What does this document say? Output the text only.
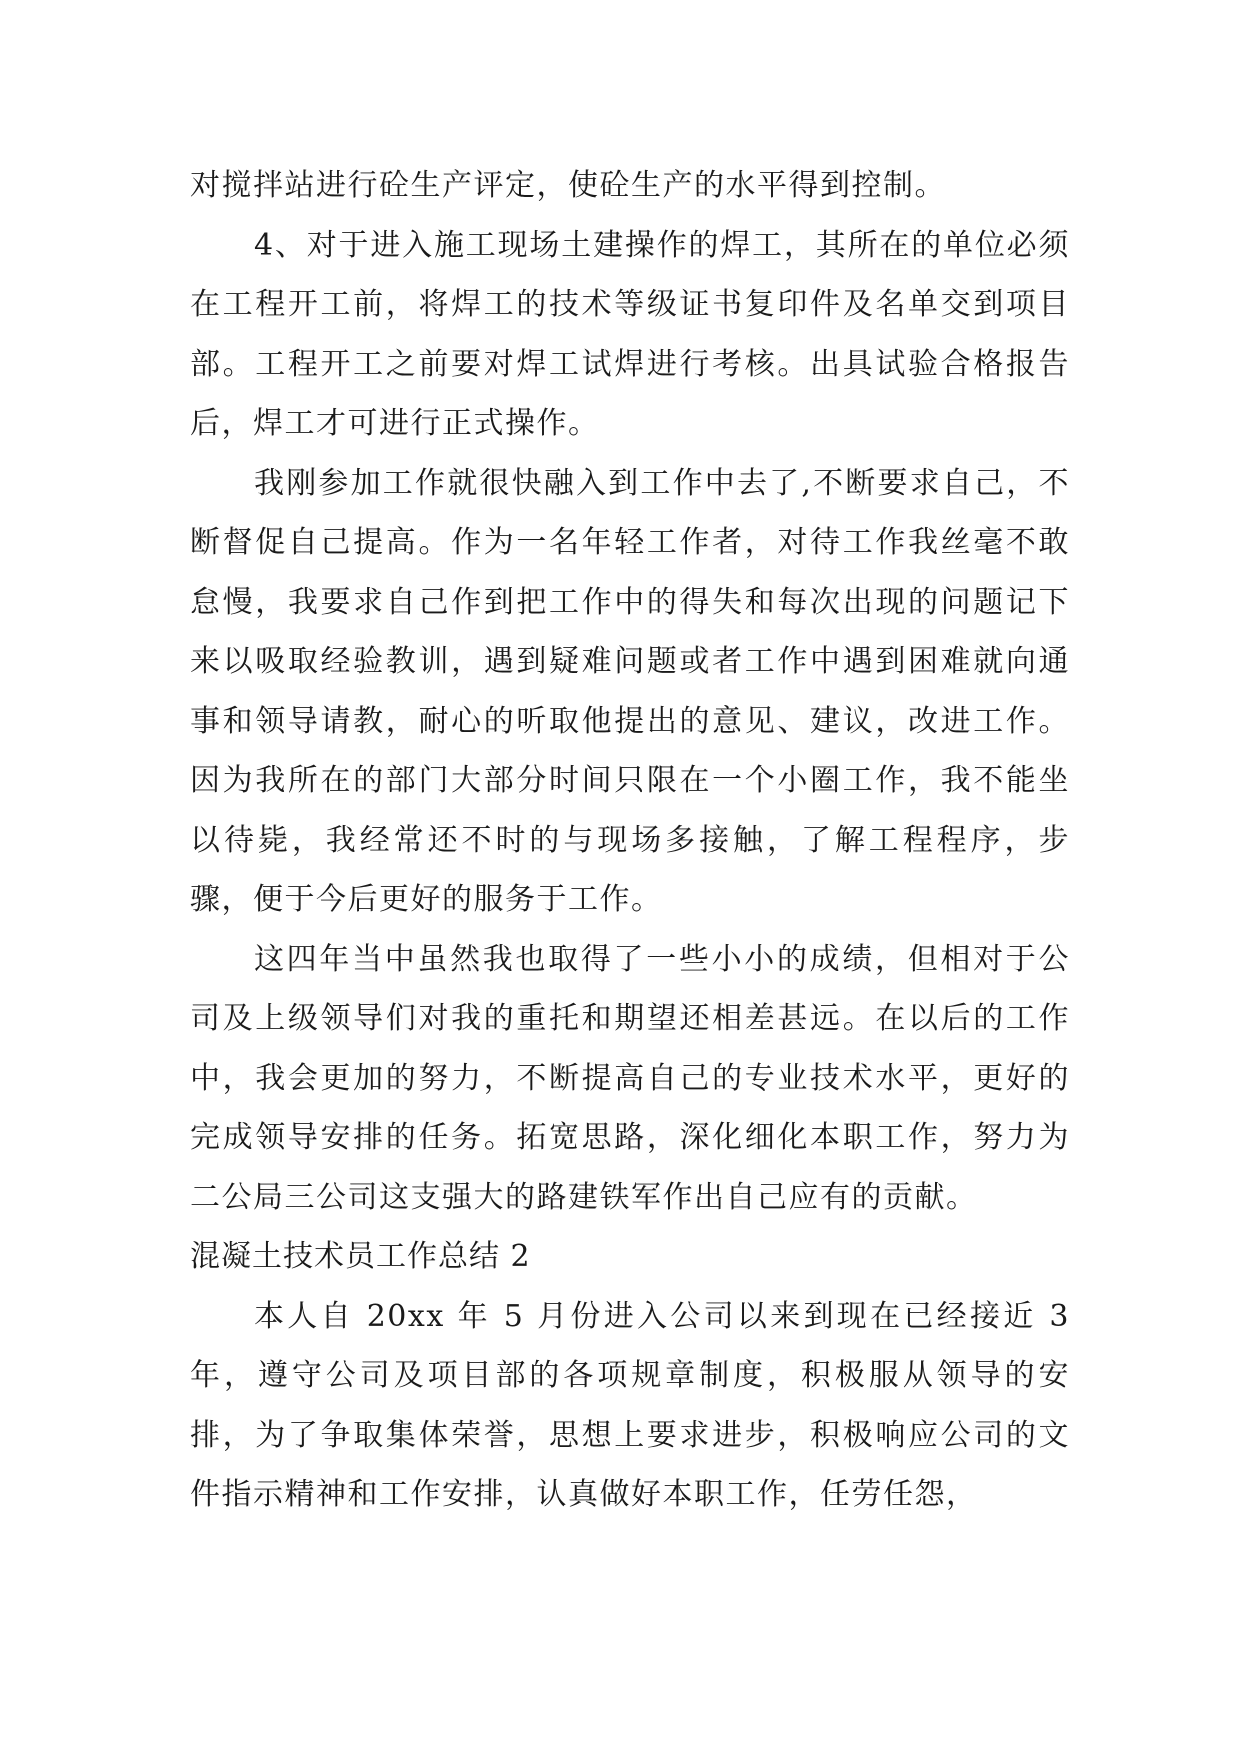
对搅拌站进行砼生产评定，使砼生产的水平得到控制。

4、对于进入施工现场土建操作的焊工，其所在的单位必须在工程开工前，将焊工的技术等级证书复印件及名单交到项目部。工程开工之前要对焊工试焊进行考核。出具试验合格报告后，焊工才可进行正式操作。

我刚参加工作就很快融入到工作中去了,不断要求自己，不断督促自己提高。作为一名年轻工作者，对待工作我丝毫不敢怠慢，我要求自己作到把工作中的得失和每次出现的问题记下来以吸取经验教训，遇到疑难问题或者工作中遇到困难就向通事和领导请教，耐心的听取他提出的意见、建议，改进工作。因为我所在的部门大部分时间只限在一个小圈工作，我不能坐以待毙，我经常还不时的与现场多接触，了解工程程序，步骤，便于今后更好的服务于工作。

这四年当中虽然我也取得了一些小小的成绩，但相对于公司及上级领导们对我的重托和期望还相差甚远。在以后的工作中，我会更加的努力，不断提高自己的专业技术水平，更好的完成领导安排的任务。拓宽思路，深化细化本职工作，努力为二公局三公司这支强大的路建铁军作出自己应有的贡献。

混凝土技术员工作总结 2

本人自 20xx 年 5 月份进入公司以来到现在已经接近 3 年，遵守公司及项目部的各项规章制度，积极服从领导的安排，为了争取集体荣誉，思想上要求进步，积极响应公司的文件指示精神和工作安排，认真做好本职工作，任劳任怨，
